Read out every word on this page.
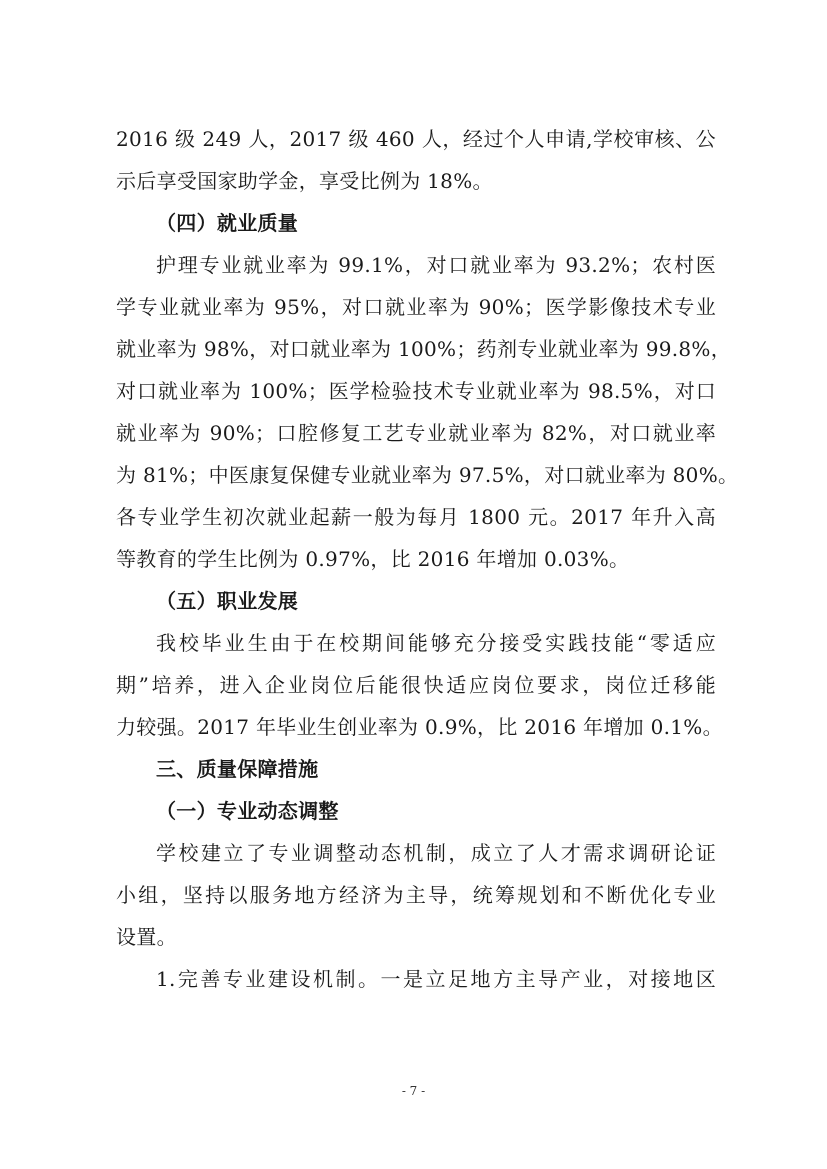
2016 级 249 人，2017 级 460 人，经过个人申请,学校审核、公
示后享受国家助学金，享受比例为 18%。
（四）就业质量
护理专业就业率为 99.1%，对口就业率为 93.2%；农村医
学专业就业率为 95%，对口就业率为 90%；医学影像技术专业
就业率为 98%，对口就业率为 100%；药剂专业就业率为 99.8%，
对口就业率为 100%；医学检验技术专业就业率为 98.5%，对口
就业率为 90%；口腔修复工艺专业就业率为 82%，对口就业率
为 81%；中医康复保健专业就业率为 97.5%，对口就业率为 80%。
各专业学生初次就业起薪一般为每月 1800 元。2017 年升入高
等教育的学生比例为 0.97%，比 2016 年增加 0.03%。
（五）职业发展
我校毕业生由于在校期间能够充分接受实践技能“零适应
期”培养，进入企业岗位后能很快适应岗位要求，岗位迁移能
力较强。2017 年毕业生创业率为 0.9%，比 2016 年增加 0.1%。
三、质量保障措施
（一）专业动态调整
学校建立了专业调整动态机制，成立了人才需求调研论证
小组，坚持以服务地方经济为主导，统筹规划和不断优化专业
设置。
1.完善专业建设机制。一是立足地方主导产业，对接地区
- 7 -
